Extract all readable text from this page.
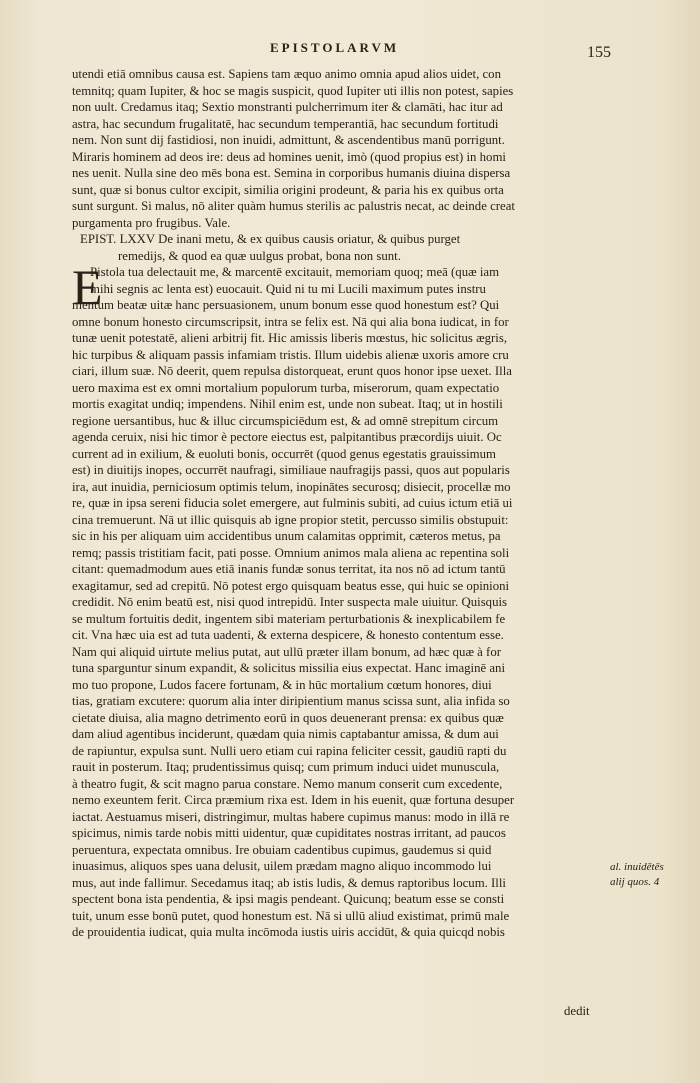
EPISTOLARVM	155
E
utendi etiā omnibus causa est. Sapiens tam æquo animo omnia apud alios uidet, con
temnitq; quam Iupiter, & hoc se magis suspicit, quod Iupiter uti illis non potest, sapies
non uult. Credamus itaq; Sextio monstranti pulcherrimum iter & clamāti, hac itur ad
astra, hac secundum frugalitatē, hac secundum temperantiā, hac secundum fortitudi
nem. Non sunt dij fastidiosi, non inuidi, admittunt, & ascendentibus manū porrigunt.
Miraris hominem ad deos ire: deus ad homines uenit, imò (quod propius est) in homi
nes uenit. Nulla sine deo mēs bona est. Semina in corporibus humanis diuina dispersa
sunt, quæ si bonus cultor excipit, similia origini prodeunt, & paria his ex quibus orta
sunt surgunt. Si malus, nō aliter quàm humus sterilis ac palustris necat, ac deinde creat
purgamenta pro frugibus. Vale.
EPIST. LXXV De inani metu, & ex quibus causis oriatur, & quibus purget
remedijs, & quod ea quæ uulgus probat, bona non sunt.
Pistola tua delectauit me, & marcentē excitauit, memoriam quoq; meā (quæ iam
mihi segnis ac lenta est) euocauit. Quid ni tu mi Lucili maximum putes instru
mentum beatæ uitæ hanc persuasionem, unum bonum esse quod honestum est? Qui
omne bonum honesto circumscripsit, intra se felix est. Nā qui alia bona iudicat, in for
tunæ uenit potestatē, alieni arbitrij fit. Hic amissis liberis mœstus, hic solicitus ægris,
hic turpibus & aliquam passis infamiam tristis. Illum uidebis alienæ uxoris amore cru
ciari, illum suæ. Nō deerit, quem repulsa distorqueat, erunt quos honor ipse uexet. Illa
uero maxima est ex omni mortalium populorum turba, miserorum, quam expectatio
mortis exagitat undiq; impendens. Nihil enim est, unde non subeat. Itaq; ut in hostili
regione uersantibus, huc & illuc circumspiciēdum est, & ad omnē strepitum circum
agenda ceruix, nisi hic timor è pectore eiectus est, palpitantibus præcordijs uiuit. Oc
current ad in exilium, & euoluti bonis, occurrēt (quod genus egestatis grauissimum
est) in diuitijs inopes, occurrēt naufragi, similiaue naufragijs passi, quos aut popularis
ira, aut inuidia, perniciosum optimis telum, inopinātes securosq; disiecit, procellæ mo
re, quæ in ipsa sereni fiducia solet emergere, aut fulminis subiti, ad cuius ictum etiā ui
cina tremuerunt. Nā ut illic quisquis ab igne propior stetit, percusso similis obstupuit:
sic in his per aliquam uim accidentibus unum calamitas opprimit, cæteros metus, pa
remq; passis tristitiam facit, pati posse. Omnium animos mala aliena ac repentina soli
citant: quemadmodum aues etiā inanis fundæ sonus territat, ita nos nō ad ictum tantū
exagitamur, sed ad crepitū. Nō potest ergo quisquam beatus esse, qui huic se opinioni
credidit. Nō enim beatū est, nisi quod intrepidū. Inter suspecta male uiuitur. Quisquis
se multum fortuitis dedit, ingentem sibi materiam perturbationis & inexplicabilem fe
cit. Vna hæc uia est ad tuta uadenti, & externa despicere, & honesto contentum esse.
Nam qui aliquid uirtute melius putat, aut ullū præter illam bonum, ad hæc quæ à for
tuna sparguntur sinum expandit, & solicitus missilia eius expectat. Hanc imaginē ani
mo tuo propone, Ludos facere fortunam, & in hūc mortalium cœtum honores, diui
tias, gratiam excutere: quorum alia inter diripientium manus scissa sunt, alia infida so
cietate diuisa, alia magno detrimento eorū in quos deuenerant prensa: ex quibus quæ
dam aliud agentibus inciderunt, quædam quia nimis captabantur amissa, & dum aui
de rapiuntur, expulsa sunt. Nulli uero etiam cui rapina feliciter cessit, gaudiū rapti du
rauit in posterum. Itaq; prudentissimus quisq; cum primum induci uidet munuscula,
à theatro fugit, & scit magno parua constare. Nemo manum conserit cum excedente,
nemo exeuntem ferit. Circa præmium rixa est. Idem in his euenit, quæ fortuna desuper
iactat. Aestuamus miseri, distringimur, multas habere cupimus manus: modo in illā re
spicimus, nimis tarde nobis mitti uidentur, quæ cupiditates nostras irritant, ad paucos
peruentura, expectata omnibus. Ire obuiam cadentibus cupimus, gaudemus si quid
inuasimus, aliquos spes uana delusit, uilem prædam magno aliquo incommodo lui
mus, aut inde fallimur. Secedamus itaq; ab istis ludis, & demus raptoribus locum. Illi
spectent bona ista pendentia, & ipsi magis pendeant. Quicunq; beatum esse se consti
tuit, unum esse bonū putet, quod honestum est. Nā si ullū aliud existimat, primū male
de prouidentia iudicat, quia multa incōmoda iustis uiris accidūt, & quia quicqd nobis
al. inuidētēs
alij quos. 4
dedit
